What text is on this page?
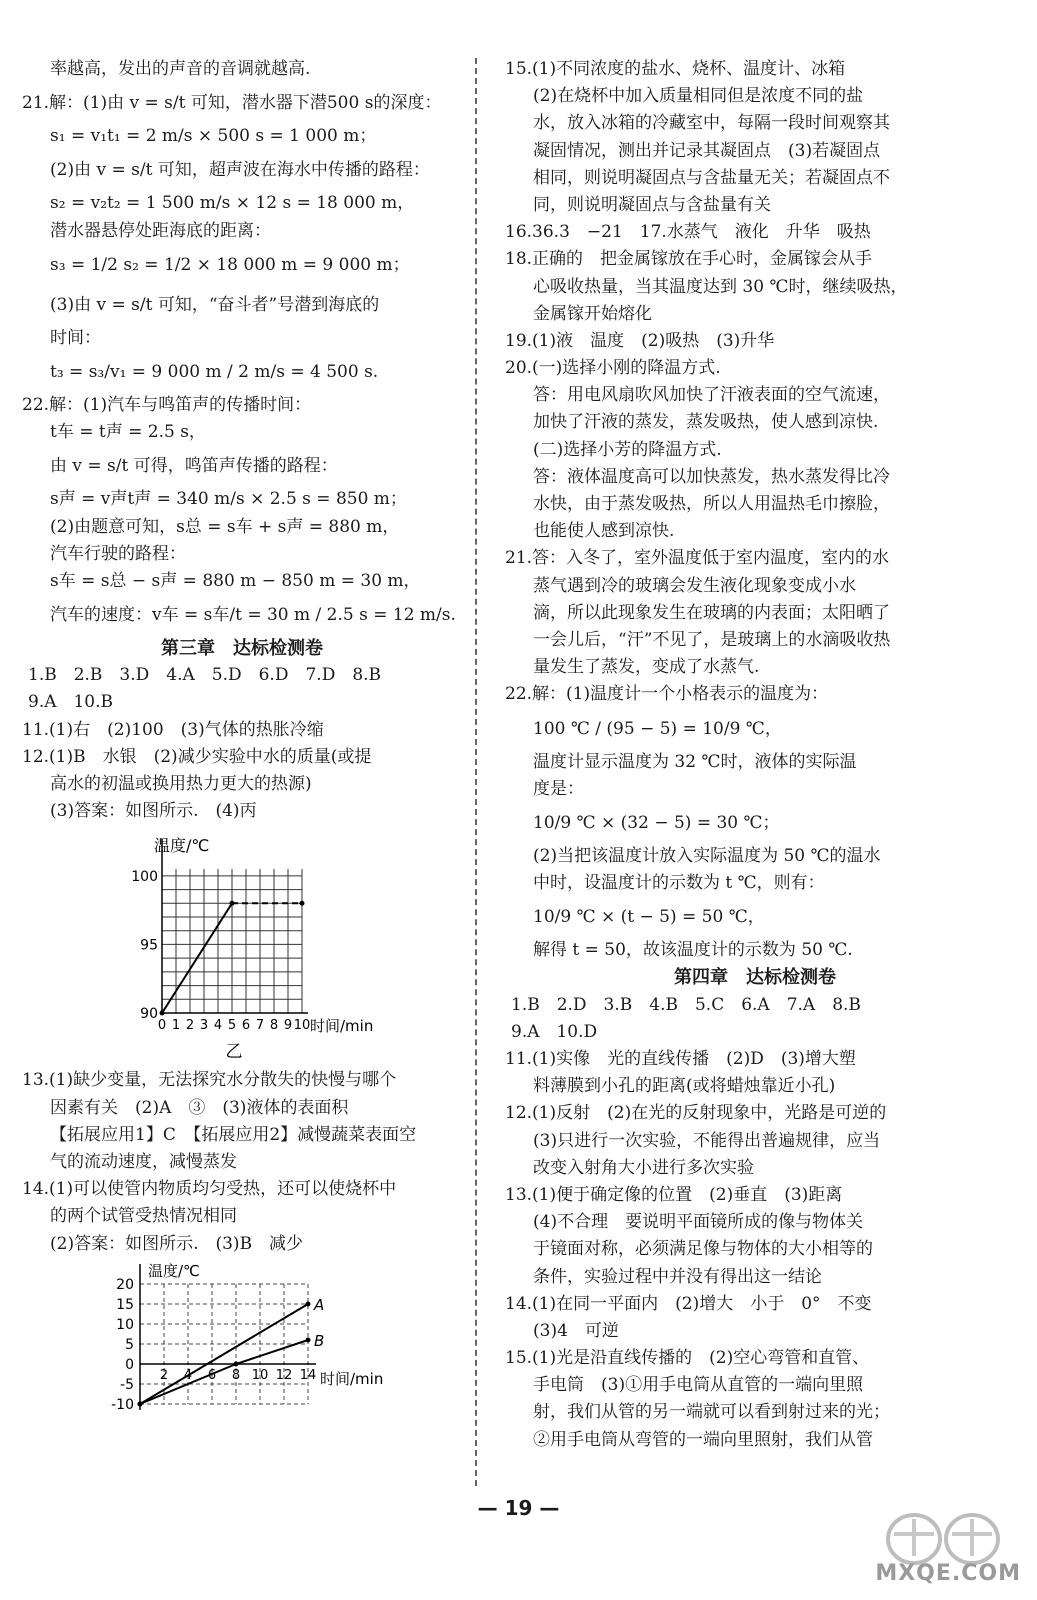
率越高，发出的声音的音调就越高.
21.解：(1)由 v = s/t 可知，潜水器下潜500 s的深度：
s₁ = v₁t₁ = 2 m/s × 500 s = 1 000 m；
(2)由 v = s/t 可知，超声波在海水中传播的路程：
s₂ = v₂t₂ = 1 500 m/s × 12 s = 18 000 m，
潜水器悬停处距海底的距离：
s₃ = 1/2 s₂ = 1/2 × 18 000 m = 9 000 m；
(3)由 v = s/t 可知，“奋斗者”号潜到海底的
时间：
t₃ = s₃/v₁ = 9 000 m / 2 m/s = 4 500 s.
22.解：(1)汽车与鸣笛声的传播时间：
t车 = t声 = 2.5 s，
由 v = s/t 可得，鸣笛声传播的路程：
s声 = v声t声 = 340 m/s × 2.5 s = 850 m；
(2)由题意可知，s总 = s车 + s声 = 880 m，
汽车行驶的路程：
s车 = s总 − s声 = 880 m − 850 m = 30 m，
汽车的速度：v车 = s车/t = 30 m / 2.5 s = 12 m/s.
第三章　达标检测卷
1.B　2.B　3.D　4.A　5.D　6.D　7.D　8.B
9.A　10.B
11.(1)右　(2)100　(3)气体的热胀冷缩
12.(1)B　水银　(2)减少实验中水的质量(或提
高水的初温或换用热力更大的热源)
(3)答案：如图所示.　(4)丙
温度/℃
90
95
100
0 1 2 3 4 5 6 7 8 9 10 时间/min
乙
13.(1)缺少变量，无法探究水分散失的快慢与哪个
因素有关　(2)A　③　(3)液体的表面积
【拓展应用1】C　【拓展应用2】减慢蔬菜表面空
气的流动速度，减慢蒸发
14.(1)可以使管内物质均匀受热，还可以使烧杯中
的两个试管受热情况相同
(2)答案：如图所示.　(3)B　减少
温度/℃
20
15
10
5
0
-5
-10
2 4 6 8 10 12 14 时间/min
A
B
15.(1)不同浓度的盐水、烧杯、温度计、冰箱
(2)在烧杯中加入质量相同但是浓度不同的盐
水，放入冰箱的冷藏室中，每隔一段时间观察其
凝固情况，测出并记录其凝固点　(3)若凝固点
相同，则说明凝固点与含盐量无关；若凝固点不
同，则说明凝固点与含盐量有关
16.36.3　−21　17.水蒸气　液化　升华　吸热
18.正确的　把金属镓放在手心时，金属镓会从手
心吸收热量，当其温度达到 30 ℃时，继续吸热，
金属镓开始熔化
19.(1)液　温度　(2)吸热　(3)升华
20.(一)选择小刚的降温方式.
答：用电风扇吹风加快了汗液表面的空气流速，
加快了汗液的蒸发，蒸发吸热，使人感到凉快.
(二)选择小芳的降温方式.
答：液体温度高可以加快蒸发，热水蒸发得比冷
水快，由于蒸发吸热，所以人用温热毛巾擦脸，
也能使人感到凉快.
21.答：入冬了，室外温度低于室内温度，室内的水
蒸气遇到冷的玻璃会发生液化现象变成小水
滴，所以此现象发生在玻璃的内表面；太阳晒了
一会儿后，“汗”不见了，是玻璃上的水滴吸收热
量发生了蒸发，变成了水蒸气.
22.解：(1)温度计一个小格表示的温度为：
100 ℃ / (95 − 5) = 10/9 ℃，
温度计显示温度为 32 ℃时，液体的实际温
度是：
10/9 ℃ × (32 − 5) = 30 ℃；
(2)当把该温度计放入实际温度为 50 ℃的温水
中时，设温度计的示数为 t ℃，则有：
10/9 ℃ × (t − 5) = 50 ℃，
解得 t = 50，故该温度计的示数为 50 ℃.
第四章　达标检测卷
1.B　2.D　3.B　4.B　5.C　6.A　7.A　8.B
9.A　10.D
11.(1)实像　光的直线传播　(2)D　(3)增大塑
料薄膜到小孔的距离(或将蜡烛靠近小孔)
12.(1)反射　(2)在光的反射现象中，光路是可逆的
(3)只进行一次实验，不能得出普遍规律，应当
改变入射角大小进行多次实验
13.(1)便于确定像的位置　(2)垂直　(3)距离
(4)不合理　要说明平面镜所成的像与物体关
于镜面对称，必须满足像与物体的大小相等的
条件，实验过程中并没有得出这一结论
14.(1)在同一平面内　(2)增大　小于　0°　不变
(3)4　可逆
15.(1)光是沿直线传播的　(2)空心弯管和直管、
手电筒　(3)①用手电筒从直管的一端向里照
射，我们从管的另一端就可以看到射过来的光；
②用手电筒从弯管的一端向里照射，我们从管
— 19 —
MXQE.COM
